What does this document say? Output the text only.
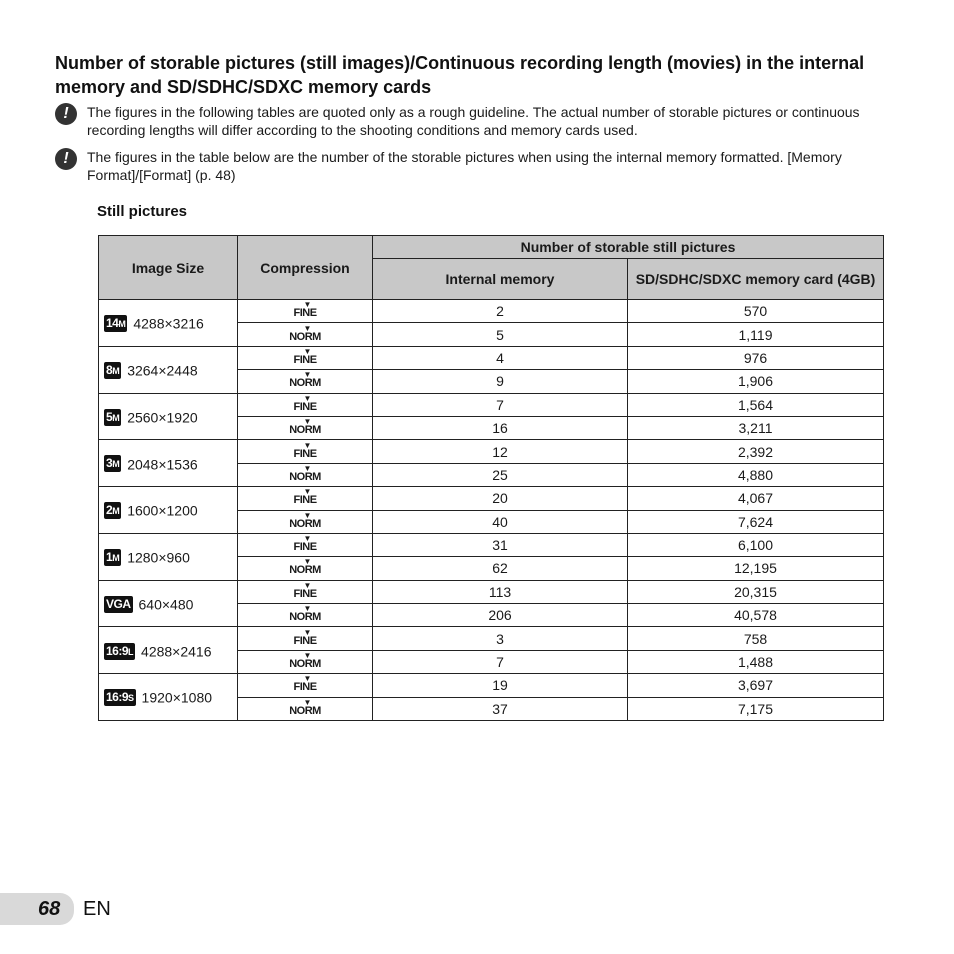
Number of storable pictures (still images)/Continuous recording length (movies) in the internal memory and SD/SDHC/SDXC memory cards
!	The figures in the following tables are quoted only as a rough guideline. The actual number of storable pictures or continuous recording lengths will differ according to the shooting conditions and memory cards used.
!	The figures in the table below are the number of the storable pictures when using the internal memory formatted. [Memory Format]/[Format] (p. 48)
Still pictures
Image Size	Compression	Number of storable still pictures	
		Internal memory	SD/SDHC/SDXC memory card (4GB)
14M 4288×3216	▼ FINE	2	570
	▼ NORM	5	1,119
8M 3264×2448	▼ FINE	4	976
	▼ NORM	9	1,906
5M 2560×1920	▼ FINE	7	1,564
	▼ NORM	16	3,211
3M 2048×1536	▼ FINE	12	2,392
	▼ NORM	25	4,880
2M 1600×1200	▼ FINE	20	4,067
	▼ NORM	40	7,624
1M 1280×960	▼ FINE	31	6,100
	▼ NORM	62	12,195
VGA 640×480	▼ FINE	113	20,315
	▼ NORM	206	40,578
16:9L 4288×2416	▼ FINE	3	758
	▼ NORM	7	1,488
16:9S 1920×1080	▼ FINE	19	3,697
	▼ NORM	37	7,175
68 EN
